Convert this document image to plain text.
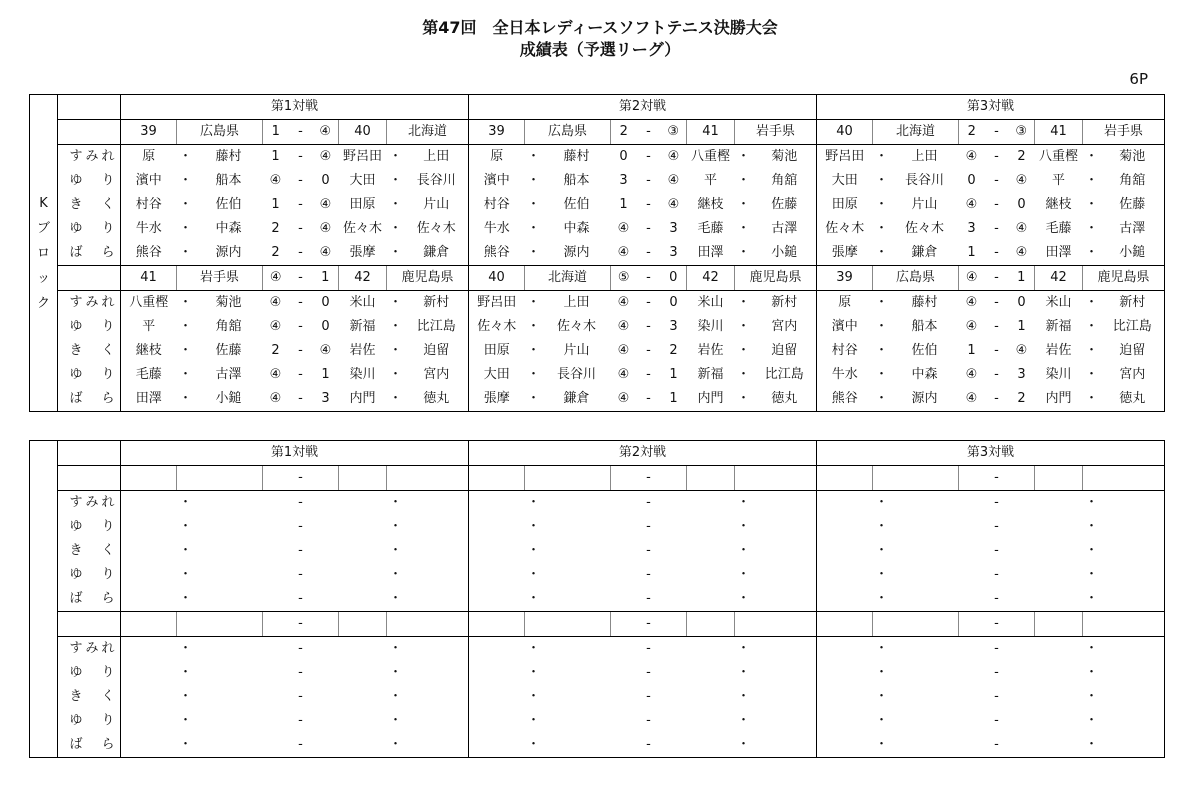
第47回　全日本レディースソフトテニス決勝大会
成績表（予選リーグ）
6P
K
ブ
ロ
ッ
ク		第1対戦									第2対戦									第3対戦								
		39	広島県		1	-	④	40	北海道		39	広島県		2	-	③	41	岩手県		40	北海道		2	-	③	41	岩手県	
	す み れ	原	・	藤村	1	-	④	野呂田	・	上田	原	・	藤村	0	-	④	八重樫	・	菊池	野呂田	・	上田	④	-	2	八重樫	・	菊池
	ゆ り	濱中	・	船本	④	-	0	大田	・	長谷川	濱中	・	船本	3	-	④	平	・	角舘	大田	・	長谷川	0	-	④	平	・	角舘
	き く	村谷	・	佐伯	1	-	④	田原	・	片山	村谷	・	佐伯	1	-	④	継枝	・	佐藤	田原	・	片山	④	-	0	継枝	・	佐藤
	ゆ り	牛水	・	中森	2	-	④	佐々木	・	佐々木	牛水	・	中森	④	-	3	毛藤	・	古澤	佐々木	・	佐々木	3	-	④	毛藤	・	古澤
	ば ら	熊谷	・	源内	2	-	④	張摩	・	鎌倉	熊谷	・	源内	④	-	3	田澤	・	小鎚	張摩	・	鎌倉	1	-	④	田澤	・	小鎚
		41	岩手県		④	-	1	42	鹿児島県		40	北海道		⑤	-	0	42	鹿児島県		39	広島県		④	-	1	42	鹿児島県	
	す み れ	八重樫	・	菊池	④	-	0	米山	・	新村	野呂田	・	上田	④	-	0	米山	・	新村	原	・	藤村	④	-	0	米山	・	新村
	ゆ り	平	・	角舘	④	-	0	新福	・	比江島	佐々木	・	佐々木	④	-	3	染川	・	宮内	濱中	・	船本	④	-	1	新福	・	比江島
	き く	継枝	・	佐藤	2	-	④	岩佐	・	迫留	田原	・	片山	④	-	2	岩佐	・	迫留	村谷	・	佐伯	1	-	④	岩佐	・	迫留
	ゆ り	毛藤	・	古澤	④	-	1	染川	・	宮内	大田	・	長谷川	④	-	1	新福	・	比江島	牛水	・	中森	④	-	3	染川	・	宮内
	ば ら	田澤	・	小鎚	④	-	3	内門	・	徳丸	張摩	・	鎌倉	④	-	1	内門	・	徳丸	熊谷	・	源内	④	-	2	内門	・	徳丸
		第1対戦									第2対戦									第3対戦								
						-									-									-				
	す み れ		・			-			・			・			-			・			・			-			・	
	ゆ り		・			-			・			・			-			・			・			-			・	
	き く		・			-			・			・			-			・			・			-			・	
	ゆ り		・			-			・			・			-			・			・			-			・	
	ば ら		・			-			・			・			-			・			・			-			・	
						-									-									-				
	す み れ		・			-			・			・			-			・			・			-			・	
	ゆ り		・			-			・			・			-			・			・			-			・	
	き く		・			-			・			・			-			・			・			-			・	
	ゆ り		・			-			・			・			-			・			・			-			・	
	ば ら		・			-			・			・			-			・			・			-			・	
